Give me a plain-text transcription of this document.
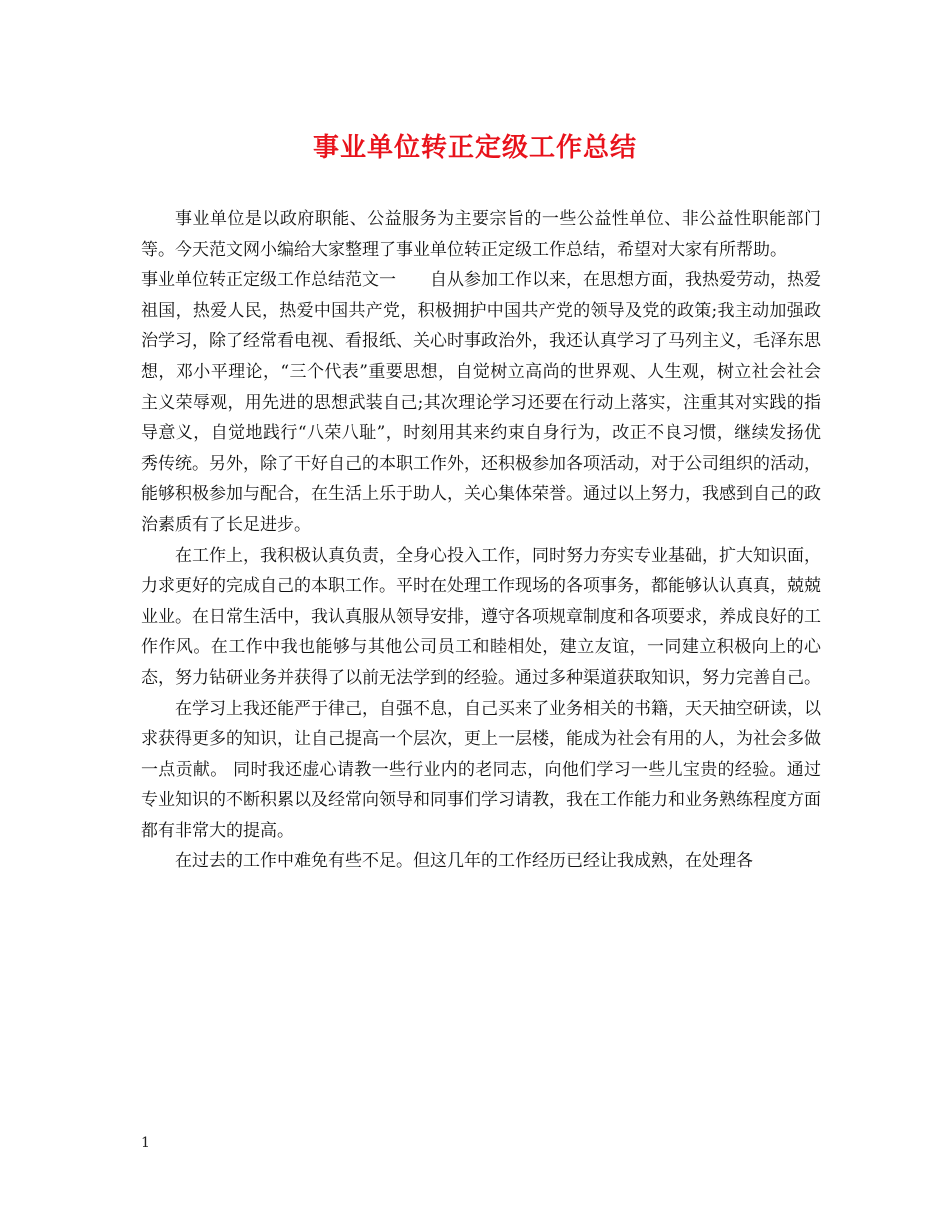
事业单位转正定级工作总结

事业单位是以政府职能、公益服务为主要宗旨的一些公益性单位、非公益性职能部门等。今天范文网小编给大家整理了事业单位转正定级工作总结，希望对大家有所帮助。

事业单位转正定级工作总结范文一 自从参加工作以来，在思想方面，我热爱劳动，热爱祖国，热爱人民，热爱中国共产党，积极拥护中国共产党的领导及党的政策;我主动加强政治学习，除了经常看电视、看报纸、关心时事政治外，我还认真学习了马列主义，毛泽东思想，邓小平理论，“三个代表”重要思想，自觉树立高尚的世界观、人生观，树立社会社会主义荣辱观，用先进的思想武装自己;其次理论学习还要在行动上落实，注重其对实践的指导意义，自觉地践行“八荣八耻”，时刻用其来约束自身行为，改正不良习惯，继续发扬优秀传统。另外，除了干好自己的本职工作外，还积极参加各项活动，对于公司组织的活动，能够积极参加与配合，在生活上乐于助人，关心集体荣誉。通过以上努力，我感到自己的政治素质有了长足进步。

在工作上，我积极认真负责，全身心投入工作，同时努力夯实专业基础，扩大知识面，力求更好的完成自己的本职工作。平时在处理工作现场的各项事务，都能够认认真真，兢兢业业。在日常生活中，我认真服从领导安排，遵守各项规章制度和各项要求，养成良好的工作作风。在工作中我也能够与其他公司员工和睦相处，建立友谊，一同建立积极向上的心态，努力钻研业务并获得了以前无法学到的经验。通过多种渠道获取知识，努力完善自己。

在学习上我还能严于律己，自强不息，自己买来了业务相关的书籍，天天抽空研读，以求获得更多的知识，让自己提高一个层次，更上一层楼，能成为社会有用的人，为社会多做一点贡献。 同时我还虚心请教一些行业内的老同志，向他们学习一些儿宝贵的经验。通过专业知识的不断积累以及经常向领导和同事们学习请教，我在工作能力和业务熟练程度方面都有非常大的提高。

在过去的工作中难免有些不足。但这几年的工作经历已经让我成熟，在处理各

1
